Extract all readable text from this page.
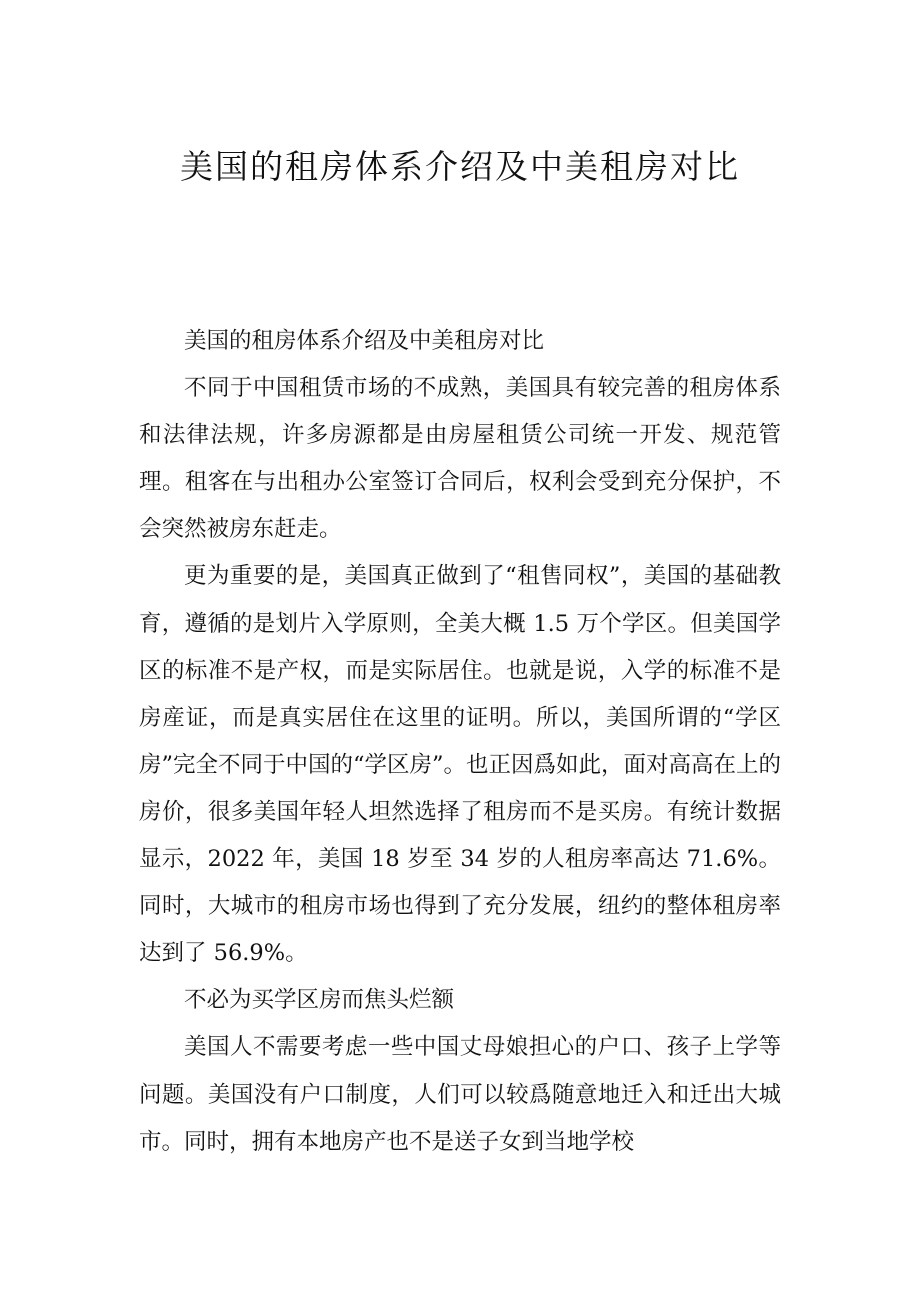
美国的租房体系介绍及中美租房对比

美国的租房体系介绍及中美租房对比

不同于中国租赁市场的不成熟，美国具有较完善的租房体系和法律法规，许多房源都是由房屋租赁公司统一开发、规范管理。租客在与出租办公室签订合同后，权利会受到充分保护，不会突然被房东赶走。

更为重要的是，美国真正做到了“租售同权”，美国的基础教育，遵循的是划片入学原则，全美大概 1.5 万个学区。但美国学区的标准不是产权，而是实际居住。也就是说，入学的标准不是房産证，而是真实居住在这里的证明。所以，美国所谓的“学区房”完全不同于中国的“学区房”。也正因爲如此，面对高高在上的房价，很多美国年轻人坦然选择了租房而不是买房。有统计数据显示，2022 年，美国 18 岁至 34 岁的人租房率高达 71.6%。同时，大城市的租房市场也得到了充分发展，纽约的整体租房率达到了 56.9%。

不必为买学区房而焦头烂额

美国人不需要考虑一些中国丈母娘担心的户口、孩子上学等问题。美国没有户口制度，人们可以较爲随意地迁入和迁出大城市。同时，拥有本地房产也不是送子女到当地学校
